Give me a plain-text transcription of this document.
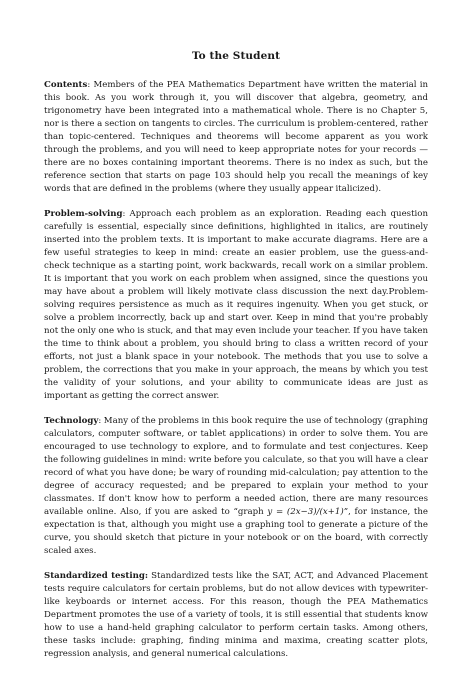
To the Student

Contents: Members of the PEA Mathematics Department have written the material in this book. As you work through it, you will discover that algebra, geometry, and trigonometry have been integrated into a mathematical whole. There is no Chapter 5, nor is there a section on tangents to circles. The curriculum is problem-centered, rather than topic-centered. Techniques and theorems will become apparent as you work through the problems, and you will need to keep appropriate notes for your records — there are no boxes containing important theorems. There is no index as such, but the reference section that starts on page 103 should help you recall the meanings of key words that are defined in the problems (where they usually appear italicized).

Problem-solving: Approach each problem as an exploration. Reading each question carefully is essential, especially since definitions, highlighted in italics, are routinely inserted into the problem texts. It is important to make accurate diagrams. Here are a few useful strategies to keep in mind: create an easier problem, use the guess-and-check technique as a starting point, work backwards, recall work on a similar problem. It is important that you work on each problem when assigned, since the questions you may have about a problem will likely motivate class discussion the next day.Problem-solving requires persistence as much as it requires ingenuity. When you get stuck, or solve a problem incorrectly, back up and start over. Keep in mind that you're probably not the only one who is stuck, and that may even include your teacher. If you have taken the time to think about a problem, you should bring to class a written record of your efforts, not just a blank space in your notebook. The methods that you use to solve a problem, the corrections that you make in your approach, the means by which you test the validity of your solutions, and your ability to communicate ideas are just as important as getting the correct answer.

Technology: Many of the problems in this book require the use of technology (graphing calculators, computer software, or tablet applications) in order to solve them. You are encouraged to use technology to explore, and to formulate and test conjectures. Keep the following guidelines in mind: write before you calculate, so that you will have a clear record of what you have done; be wary of rounding mid-calculation; pay attention to the degree of accuracy requested; and be prepared to explain your method to your classmates. If don't know how to perform a needed action, there are many resources available online. Also, if you are asked to “graph y = (2x−3)/(x+1)”, for instance, the expectation is that, although you might use a graphing tool to generate a picture of the curve, you should sketch that picture in your notebook or on the board, with correctly scaled axes.

Standardized testing: Standardized tests like the SAT, ACT, and Advanced Placement tests require calculators for certain problems, but do not allow devices with typewriter-like keyboards or internet access. For this reason, though the PEA Mathematics Department promotes the use of a variety of tools, it is still essential that students know how to use a hand-held graphing calculator to perform certain tasks. Among others, these tasks include: graphing, finding minima and maxima, creating scatter plots, regression analysis, and general numerical calculations.
